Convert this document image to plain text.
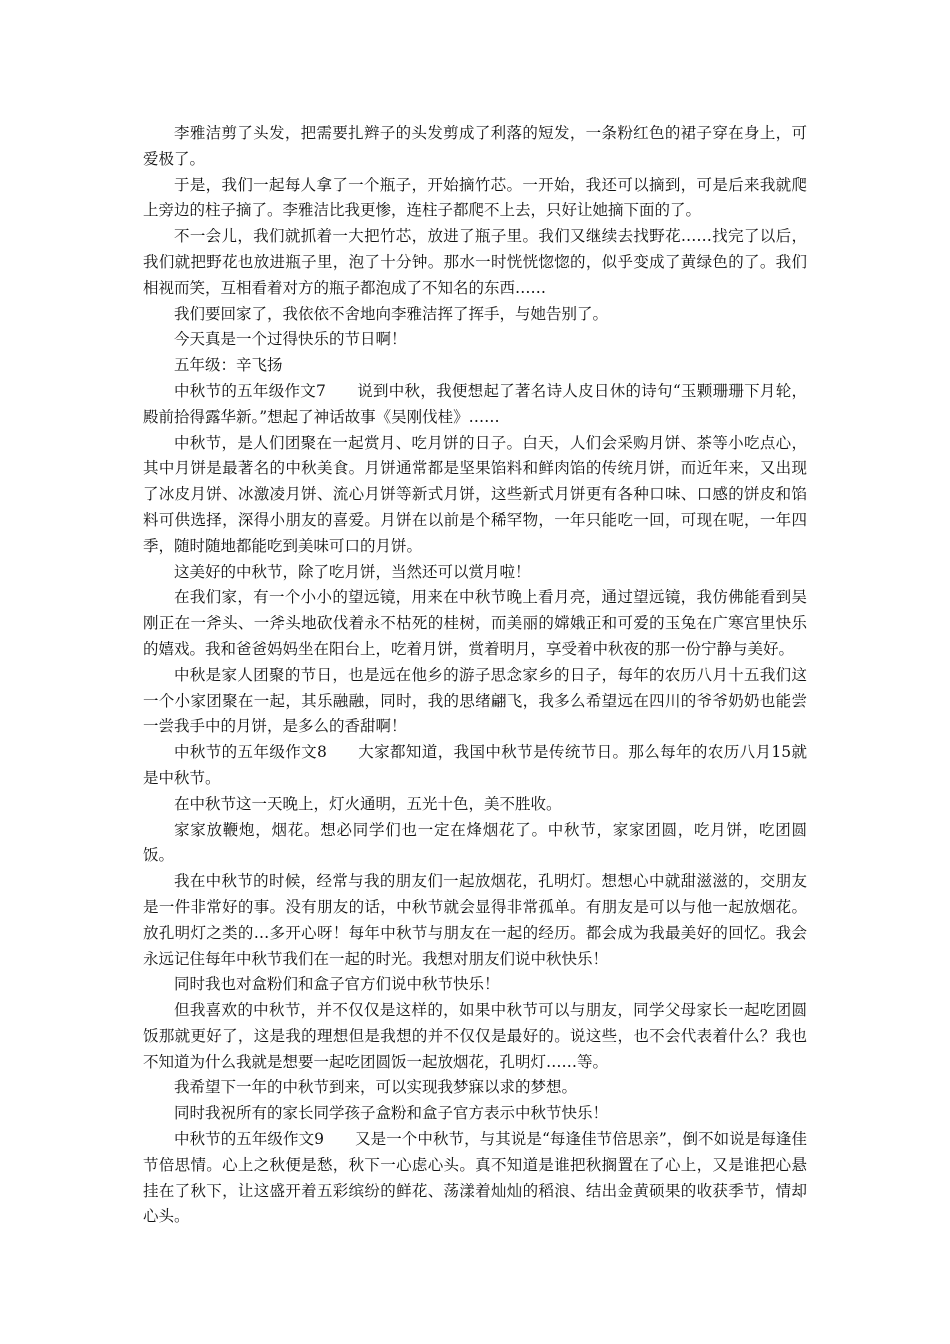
李雅洁剪了头发，把需要扎辫子的头发剪成了利落的短发，一条粉红色的裙子穿在身上，可爱极了。

于是，我们一起每人拿了一个瓶子，开始摘竹芯。一开始，我还可以摘到，可是后来我就爬上旁边的柱子摘了。李雅洁比我更惨，连柱子都爬不上去，只好让她摘下面的了。

不一会儿，我们就抓着一大把竹芯，放进了瓶子里。我们又继续去找野花……找完了以后，我们就把野花也放进瓶子里，泡了十分钟。那水一时恍恍惚惚的，似乎变成了黄绿色的了。我们相视而笑，互相看着对方的瓶子都泡成了不知名的东西……

我们要回家了，我依依不舍地向李雅洁挥了挥手，与她告别了。

今天真是一个过得快乐的节日啊！

五年级：辛飞扬

中秋节的五年级作文7 说到中秋，我便想起了著名诗人皮日休的诗句“玉颗珊珊下月轮，殿前拾得露华新。”想起了神话故事《吴刚伐桂》……

中秋节，是人们团聚在一起赏月、吃月饼的日子。白天，人们会采购月饼、茶等小吃点心，其中月饼是最著名的中秋美食。月饼通常都是坚果馅料和鲜肉馅的传统月饼，而近年来，又出现了冰皮月饼、冰激凌月饼、流心月饼等新式月饼，这些新式月饼更有各种口味、口感的饼皮和馅料可供选择，深得小朋友的喜爱。月饼在以前是个稀罕物，一年只能吃一回，可现在呢，一年四季，随时随地都能吃到美味可口的月饼。

这美好的中秋节，除了吃月饼，当然还可以赏月啦！

在我们家，有一个小小的望远镜，用来在中秋节晚上看月亮，通过望远镜，我仿佛能看到吴刚正在一斧头、一斧头地砍伐着永不枯死的桂树，而美丽的嫦娥正和可爱的玉兔在广寒宫里快乐的嬉戏。我和爸爸妈妈坐在阳台上，吃着月饼，赏着明月，享受着中秋夜的那一份宁静与美好。

中秋是家人团聚的节日，也是远在他乡的游子思念家乡的日子，每年的农历八月十五我们这一个小家团聚在一起，其乐融融，同时，我的思绪翩飞，我多么希望远在四川的爷爷奶奶也能尝一尝我手中的月饼，是多么的香甜啊！

中秋节的五年级作文8 大家都知道，我国中秋节是传统节日。那么每年的农历八月15就是中秋节。

在中秋节这一天晚上，灯火通明，五光十色，美不胜收。

家家放鞭炮，烟花。想必同学们也一定在烽烟花了。中秋节，家家团圆，吃月饼，吃团圆饭。

我在中秋节的时候，经常与我的朋友们一起放烟花，孔明灯。想想心中就甜滋滋的，交朋友是一件非常好的事。没有朋友的话，中秋节就会显得非常孤单。有朋友是可以与他一起放烟花。放孔明灯之类的…多开心呀！每年中秋节与朋友在一起的经历。都会成为我最美好的回忆。我会永远记住每年中秋节我们在一起的时光。我想对朋友们说中秋快乐！

同时我也对盒粉们和盒子官方们说中秋节快乐！

但我喜欢的中秋节，并不仅仅是这样的，如果中秋节可以与朋友，同学父母家长一起吃团圆饭那就更好了，这是我的理想但是我想的并不仅仅是最好的。说这些，也不会代表着什么？我也不知道为什么我就是想要一起吃团圆饭一起放烟花，孔明灯……等。

我希望下一年的中秋节到来，可以实现我梦寐以求的梦想。

同时我祝所有的家长同学孩子盒粉和盒子官方表示中秋节快乐！

中秋节的五年级作文9 又是一个中秋节，与其说是“每逢佳节倍思亲”，倒不如说是每逢佳节倍思情。心上之秋便是愁，秋下一心虑心头。真不知道是谁把秋搁置在了心上，又是谁把心悬挂在了秋下，让这盛开着五彩缤纷的鲜花、荡漾着灿灿的稻浪、结出金黄硕果的收获季节，情却心头。
